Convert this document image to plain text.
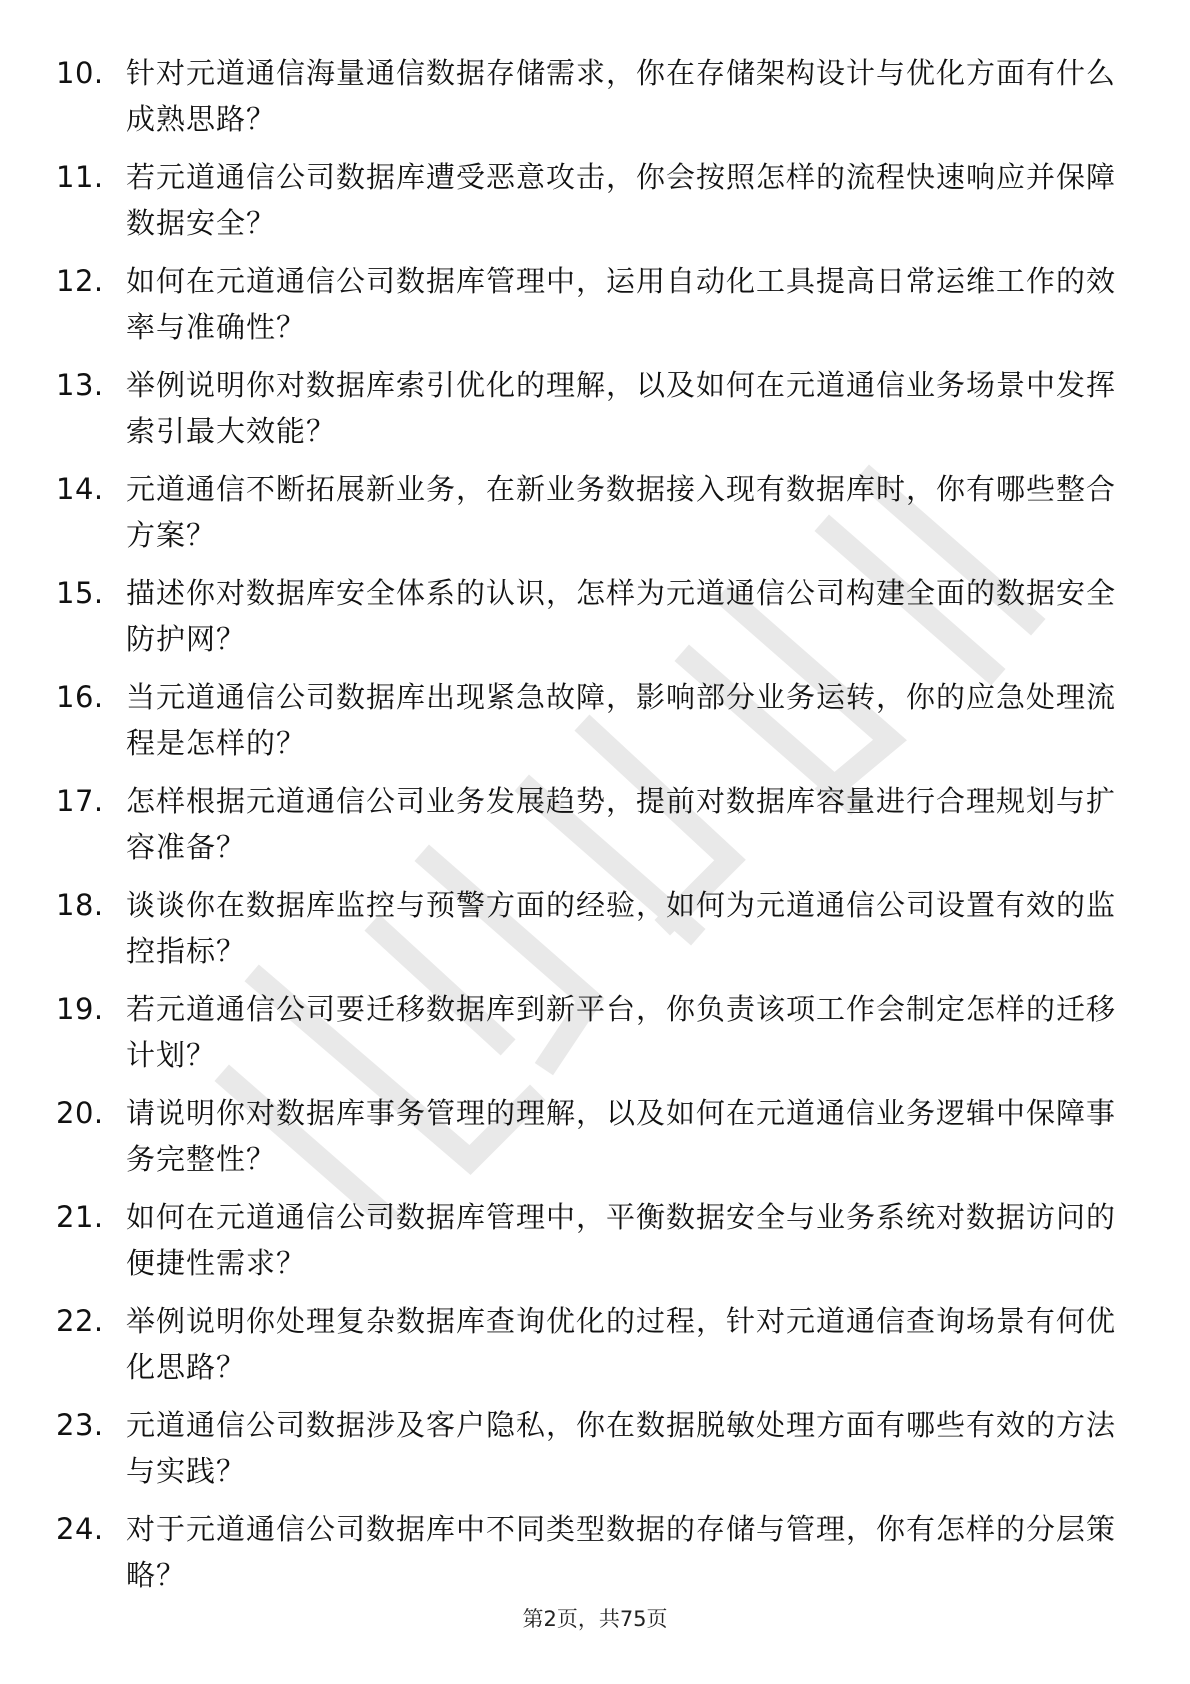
10. 针对元道通信海量通信数据存储需求，你在存储架构设计与优化方面有什么成熟思路？
11. 若元道通信公司数据库遭受恶意攻击，你会按照怎样的流程快速响应并保障数据安全？
12. 如何在元道通信公司数据库管理中，运用自动化工具提高日常运维工作的效率与准确性？
13. 举例说明你对数据库索引优化的理解，以及如何在元道通信业务场景中发挥索引最大效能？
14. 元道通信不断拓展新业务，在新业务数据接入现有数据库时，你有哪些整合方案？
15. 描述你对数据库安全体系的认识，怎样为元道通信公司构建全面的数据安全防护网？
16. 当元道通信公司数据库出现紧急故障，影响部分业务运转，你的应急处理流程是怎样的？
17. 怎样根据元道通信公司业务发展趋势，提前对数据库容量进行合理规划与扩容准备？
18. 谈谈你在数据库监控与预警方面的经验，如何为元道通信公司设置有效的监控指标？
19. 若元道通信公司要迁移数据库到新平台，你负责该项工作会制定怎样的迁移计划？
20. 请说明你对数据库事务管理的理解，以及如何在元道通信业务逻辑中保障事务完整性？
21. 如何在元道通信公司数据库管理中，平衡数据安全与业务系统对数据访问的便捷性需求？
22. 举例说明你处理复杂数据库查询优化的过程，针对元道通信查询场景有何优化思路？
23. 元道通信公司数据涉及客户隐私，你在数据脱敏处理方面有哪些有效的方法与实践？
24. 对于元道通信公司数据库中不同类型数据的存储与管理，你有怎样的分层策略？
第2页，共75页
